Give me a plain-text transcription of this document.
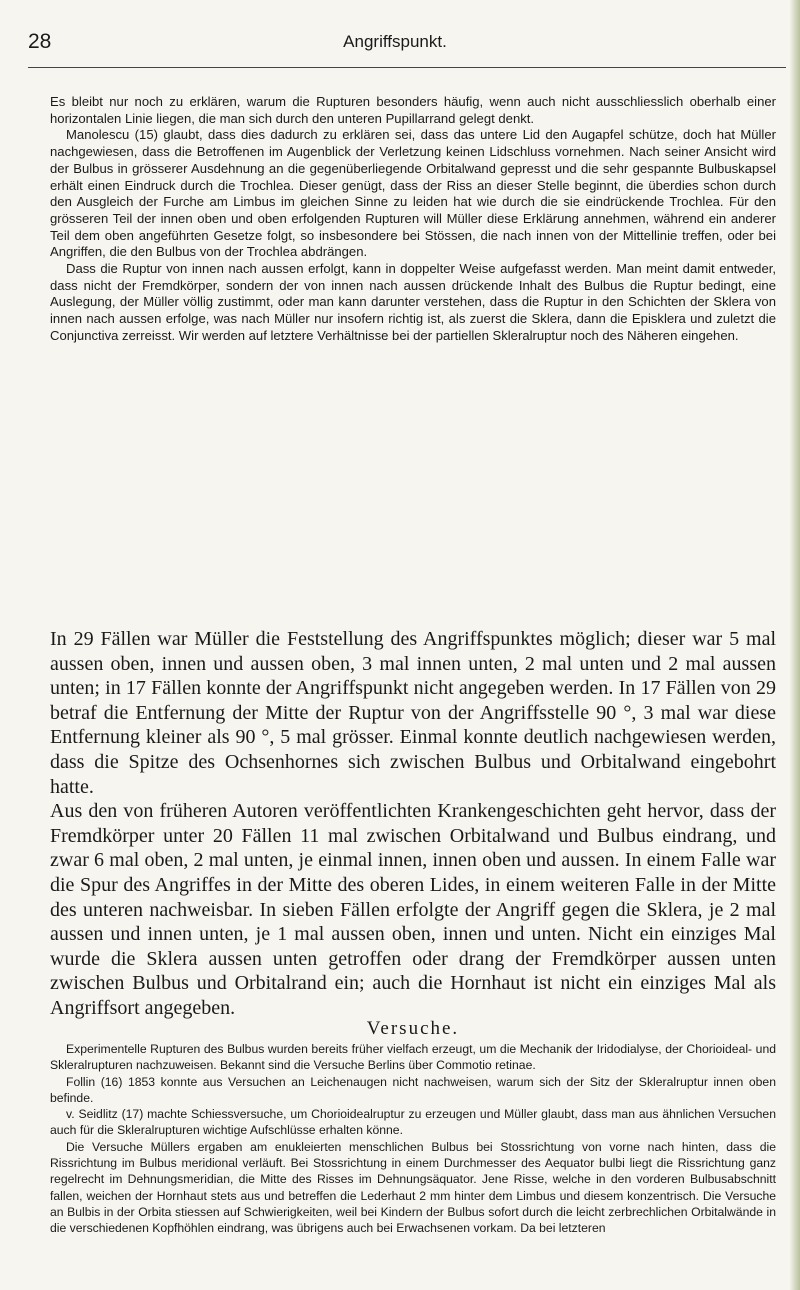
28	Angriffspunkt.

Es bleibt nur noch zu erklären, warum die Rupturen besonders häufig, wenn auch nicht ausschliesslich oberhalb einer horizontalen Linie liegen, die man sich durch den unteren Pupillarrand gelegt denkt.

Manolescu (15) glaubt, dass dies dadurch zu erklären sei, dass das untere Lid den Augapfel schütze, doch hat Müller nachgewiesen, dass die Betroffenen im Augenblick der Verletzung keinen Lidschluss vornehmen. Nach seiner Ansicht wird der Bulbus in grösserer Ausdehnung an die gegenüberliegende Orbitalwand gepresst und die sehr gespannte Bulbuskapsel erhält einen Eindruck durch die Trochlea. Dieser genügt, dass der Riss an dieser Stelle beginnt, die überdies schon durch den Ausgleich der Furche am Limbus im gleichen Sinne zu leiden hat wie durch die sie eindrückende Trochlea. Für den grösseren Teil der innen oben und oben erfolgenden Rupturen will Müller diese Erklärung annehmen, während ein anderer Teil dem oben angeführten Gesetze folgt, so insbesondere bei Stössen, die nach innen von der Mittellinie treffen, oder bei Angriffen, die den Bulbus von der Trochlea abdrängen.

Dass die Ruptur von innen nach aussen erfolgt, kann in doppelter Weise aufgefasst werden. Man meint damit entweder, dass nicht der Fremdkörper, sondern der von innen nach aussen drückende Inhalt des Bulbus die Ruptur bedingt, eine Auslegung, der Müller völlig zustimmt, oder man kann darunter verstehen, dass die Ruptur in den Schichten der Sklera von innen nach aussen erfolge, was nach Müller nur insofern richtig ist, als zuerst die Sklera, dann die Episklera und zuletzt die Conjunctiva zerreisst. Wir werden auf letztere Verhältnisse bei der partiellen Skleralruptur noch des Näheren eingehen.

In 29 Fällen war Müller die Feststellung des Angriffspunktes möglich; dieser war 5 mal aussen oben, innen und aussen oben, 3 mal innen unten, 2 mal unten und 2 mal aussen unten; in 17 Fällen konnte der Angriffspunkt nicht angegeben werden. In 17 Fällen von 29 betraf die Entfernung der Mitte der Ruptur von der Angriffsstelle 90 °, 3 mal war diese Entfernung kleiner als 90 °, 5 mal grösser. Einmal konnte deutlich nachgewiesen werden, dass die Spitze des Ochsenhornes sich zwischen Bulbus und Orbitalwand eingebohrt hatte.

Aus den von früheren Autoren veröffentlichten Krankengeschichten geht hervor, dass der Fremdkörper unter 20 Fällen 11 mal zwischen Orbitalwand und Bulbus eindrang, und zwar 6 mal oben, 2 mal unten, je einmal innen, innen oben und aussen. In einem Falle war die Spur des Angriffes in der Mitte des oberen Lides, in einem weiteren Falle in der Mitte des unteren nachweisbar. In sieben Fällen erfolgte der Angriff gegen die Sklera, je 2 mal aussen und innen unten, je 1 mal aussen oben, innen und unten. Nicht ein einziges Mal wurde die Sklera aussen unten getroffen oder drang der Fremdkörper aussen unten zwischen Bulbus und Orbitalrand ein; auch die Hornhaut ist nicht ein einziges Mal als Angriffsort angegeben.

Versuche.

Experimentelle Rupturen des Bulbus wurden bereits früher vielfach erzeugt, um die Mechanik der Iridodialyse, der Chorioideal- und Skleralrupturen nachzuweisen. Bekannt sind die Versuche Berlins über Commotio retinae.

Follin (16) 1853 konnte aus Versuchen an Leichenaugen nicht nachweisen, warum sich der Sitz der Skleralruptur innen oben befinde.

v. Seidlitz (17) machte Schiessversuche, um Chorioidealruptur zu erzeugen und Müller glaubt, dass man aus ähnlichen Versuchen auch für die Skleralrupturen wichtige Aufschlüsse erhalten könne.

Die Versuche Müllers ergaben am enukleierten menschlichen Bulbus bei Stossrichtung von vorne nach hinten, dass die Rissrichtung im Bulbus meridional verläuft. Bei Stossrichtung in einem Durchmesser des Aequator bulbi liegt die Rissrichtung ganz regelrecht im Dehnungsmeridian, die Mitte des Risses im Dehnungsäquator. Jene Risse, welche in den vorderen Bulbusabschnitt fallen, weichen der Hornhaut stets aus und betreffen die Lederhaut 2 mm hinter dem Limbus und diesem konzentrisch. Die Versuche an Bulbis in der Orbita stiessen auf Schwierigkeiten, weil bei Kindern der Bulbus sofort durch die leicht zerbrechlichen Orbitalwände in die verschiedenen Kopfhöhlen eindrang, was übrigens auch bei Erwachsenen vorkam. Da bei letzteren
